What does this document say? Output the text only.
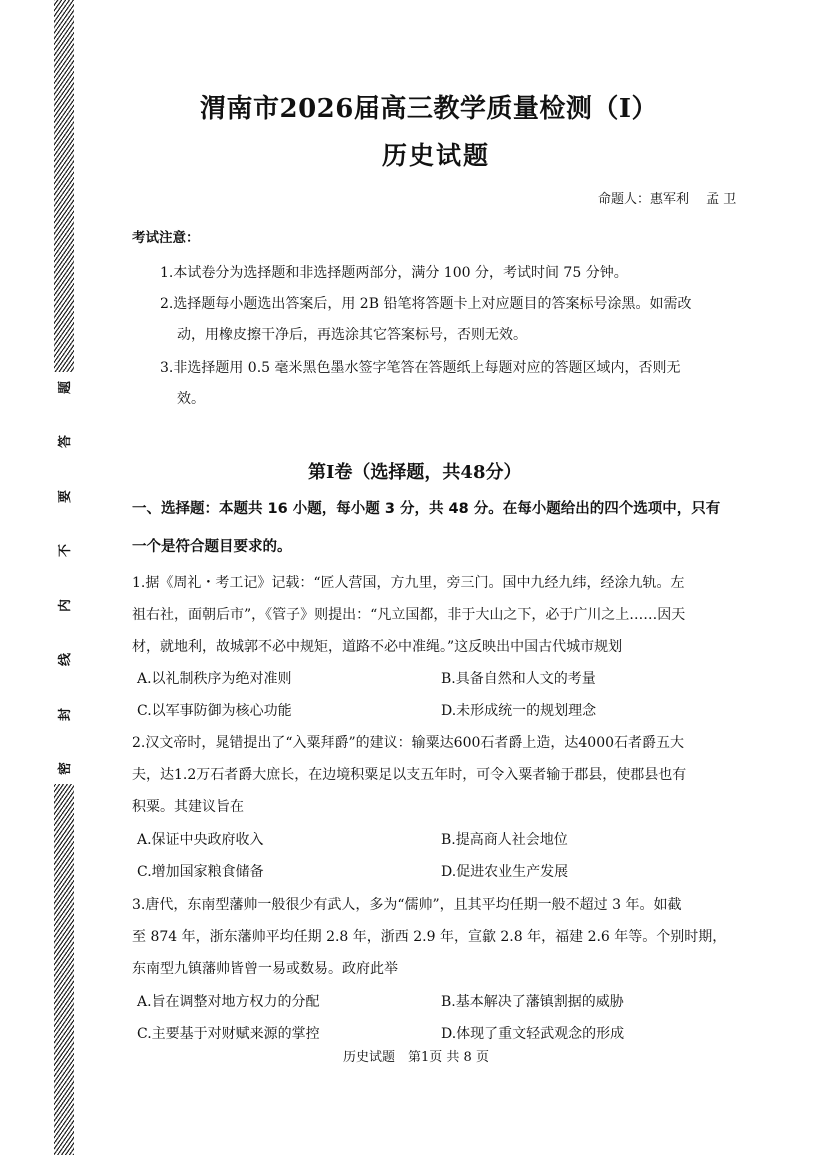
题
答
要
不
内
线
封
密
渭南市2026届高三教学质量检测（Ⅰ）
历史试题
命题人：惠军利　 孟 卫
考试注意：
1.本试卷分为选择题和非选择题两部分，满分 100 分，考试时间 75 分钟。
2.选择题每小题选出答案后，用 2B 铅笔将答题卡上对应题目的答案标号涂黑。如需改
动，用橡皮擦干净后，再选涂其它答案标号，否则无效。
3.非选择题用 0.5 毫米黑色墨水签字笔答在答题纸上每题对应的答题区域内，否则无
效。
第Ⅰ卷（选择题，共48分）
一、选择题：本题共 16 小题，每小题 3 分，共 48 分。在每小题给出的四个选项中，只有
一个是符合题目要求的。
1.据《周礼・考工记》记载：“匠人营国，方九里，旁三门。国中九经九纬，经涂九轨。左
祖右社，面朝后市”，《管子》则提出：“凡立国都，非于大山之下，必于广川之上……因天
材，就地利，故城郭不必中规矩，道路不必中准绳。”这反映出中国古代城市规划
A.以礼制秩序为绝对准则	B.具备自然和人文的考量
C.以军事防御为核心功能	D.未形成统一的规划理念
2.汉文帝时，晁错提出了“入粟拜爵”的建议：输粟达600石者爵上造，达4000石者爵五大
夫，达1.2万石者爵大庶长，在边境积粟足以支五年时，可令入粟者输于郡县，使郡县也有
积粟。其建议旨在
A.保证中央政府收入	B.提高商人社会地位
C.增加国家粮食储备	D.促进农业生产发展
3.唐代，东南型藩帅一般很少有武人，多为“儒帅”，且其平均任期一般不超过 3 年。如截
至 874 年，浙东藩帅平均任期 2.8 年，浙西 2.9 年，宣歙 2.8 年，福建 2.6 年等。个别时期，
东南型九镇藩帅皆曾一易或数易。政府此举
A.旨在调整对地方权力的分配	B.基本解决了藩镇割据的威胁
C.主要基于对财赋来源的掌控	D.体现了重文轻武观念的形成
历史试题　第1页 共 8 页
